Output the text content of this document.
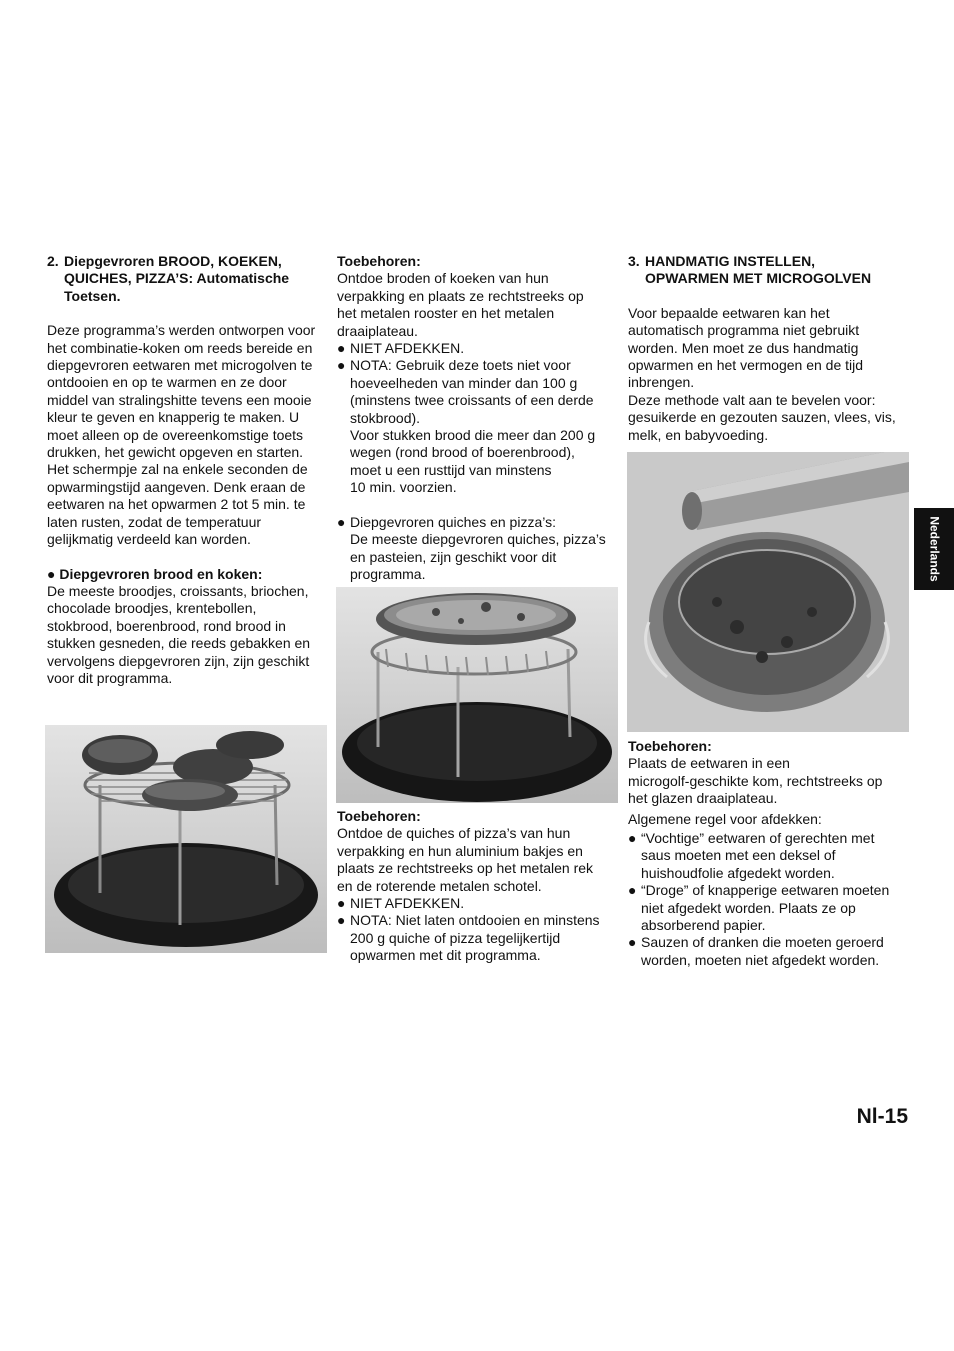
2. Diepgevroren BROOD, KOEKEN,

QUICHES, PIZZA’S: Automatische

Toetsen.

Deze programma’s werden ontworpen voor

het combinatie-koken om reeds bereide en

diepgevroren eetwaren met microgolven te

ontdooien en op te warmen en ze door

middel van stralingshitte tevens een mooie

kleur te geven en knapperig te maken. U

moet alleen op de overeenkomstige toets

drukken, het gewicht opgeven en starten.

Het schermpje zal na enkele seconden de

opwarmingstijd aangeven. Denk eraan de

eetwaren na het opwarmen 2 tot 5 min. te

laten rusten, zodat de temperatuur

gelijkmatig verdeeld kan worden.

● Diepgevroren brood en koken:

De meeste broodjes, croissants, briochen,

chocolade broodjes, krentebollen,

stokbrood, boerenbrood, rond brood in

stukken gesneden, die reeds gebakken en

vervolgens diepgevroren zijn, zijn geschikt

voor dit programma.

Toebehoren:

Ontdoe broden of koeken van hun

verpakking en plaats ze rechtstreeks op

het metalen rooster en het metalen

draaiplateau.

● NIET AFDEKKEN.

● NOTA: Gebruik deze toets niet voor

hoeveelheden van minder dan 100 g

(minstens twee croissants of een derde

stokbrood).

Voor stukken brood die meer dan 200 g

wegen (rond brood of boerenbrood),

moet u een rusttijd van minstens

10 min. voorzien.

● Diepgevroren quiches en pizza’s:

De meeste diepgevroren quiches, pizza’s

en pasteien, zijn geschikt voor dit

programma.

Toebehoren:

Ontdoe de quiches of pizza’s van hun

verpakking en hun aluminium bakjes en

plaats ze rechtstreeks op het metalen rek

en de roterende metalen schotel.

● NIET AFDEKKEN.

● NOTA: Niet laten ontdooien en minstens

200 g quiche of pizza tegelijkertijd

opwarmen met dit programma.

3. HANDMATIG INSTELLEN,

OPWARMEN MET MICROGOLVEN

Voor bepaalde eetwaren kan het

automatisch programma niet gebruikt

worden. Men moet ze dus handmatig

opwarmen en het vermogen en de tijd

inbrengen.

Deze methode valt aan te bevelen voor:

gesuikerde en gezouten sauzen, vlees, vis,

melk, en babyvoeding.

Toebehoren:

Plaats de eetwaren in een

microgolf-geschikte kom, rechtstreeks op

het glazen draaiplateau.

Algemene regel voor afdekken:

● “Vochtige” eetwaren of gerechten met

saus moeten met een deksel of

huishoudfolie afgedekt worden.

● “Droge” of knapperige eetwaren moeten

niet afgedekt worden. Plaats ze op

absorberend papier.

● Sauzen of dranken die moeten geroerd

worden, moeten niet afgedekt worden.

Nederlands
Nl-15
